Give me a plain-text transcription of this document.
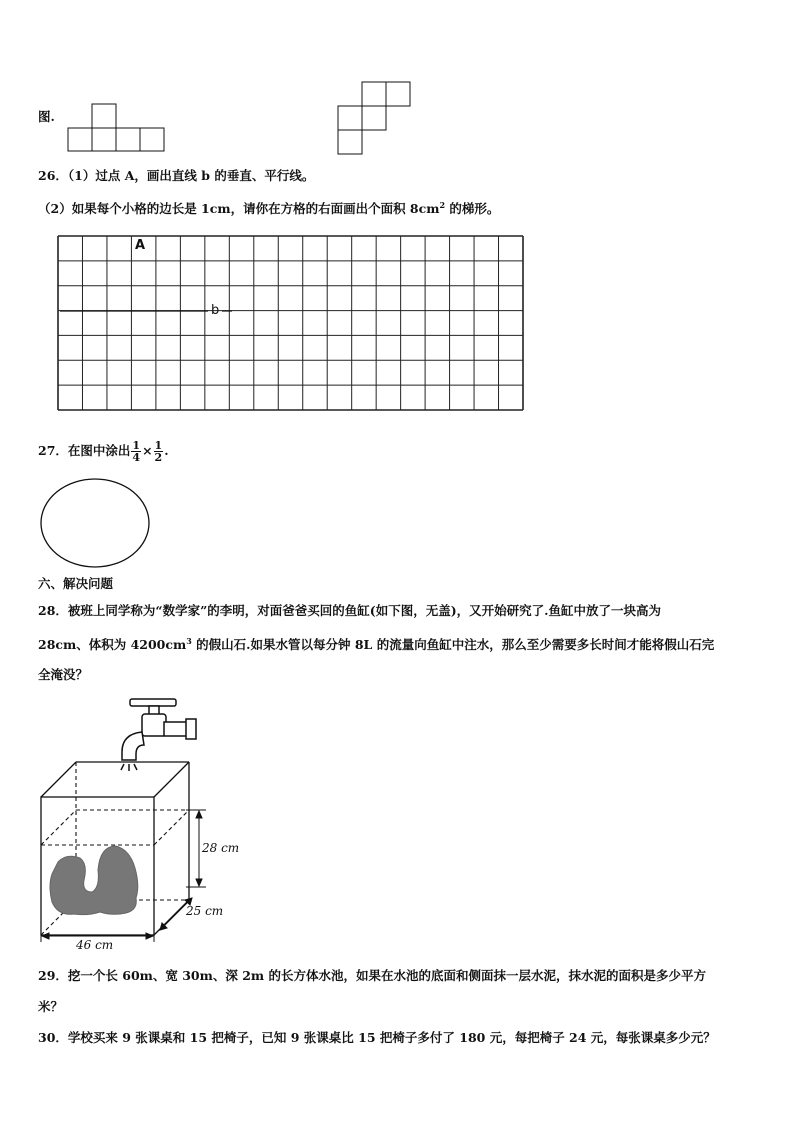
图.
26．（1）过点 A，画出直线 b 的垂直、平行线。
（2）如果每个小格的边长是 1cm，请你在方格的右面画出个面积 $8cm^2$ 的梯形。
A
b
27．在图中涂出 $\frac{1}{4} \times \frac{1}{2}$ .
六、解决问题
28．被班上同学称为“数学家”的李明，对面爸爸买回的鱼缸(如下图，无盖)，又开始研究了.鱼缸中放了一块高为
28cm、体积为 $4200cm^3$ 的假山石.如果水管以每分钟 8L 的流量向鱼缸中注水，那么至少需要多长时间才能将假山石完
全淹没？
28 cm
25 cm
46 cm
29．挖一个长 60m、宽 30m、深 2m 的长方体水池，如果在水池的底面和侧面抹一层水泥，抹水泥的面积是多少平方
米？
30．学校买来 9 张课桌和 15 把椅子，已知 9 张课桌比 15 把椅子多付了 180 元，每把椅子 24 元，每张课桌多少元？
